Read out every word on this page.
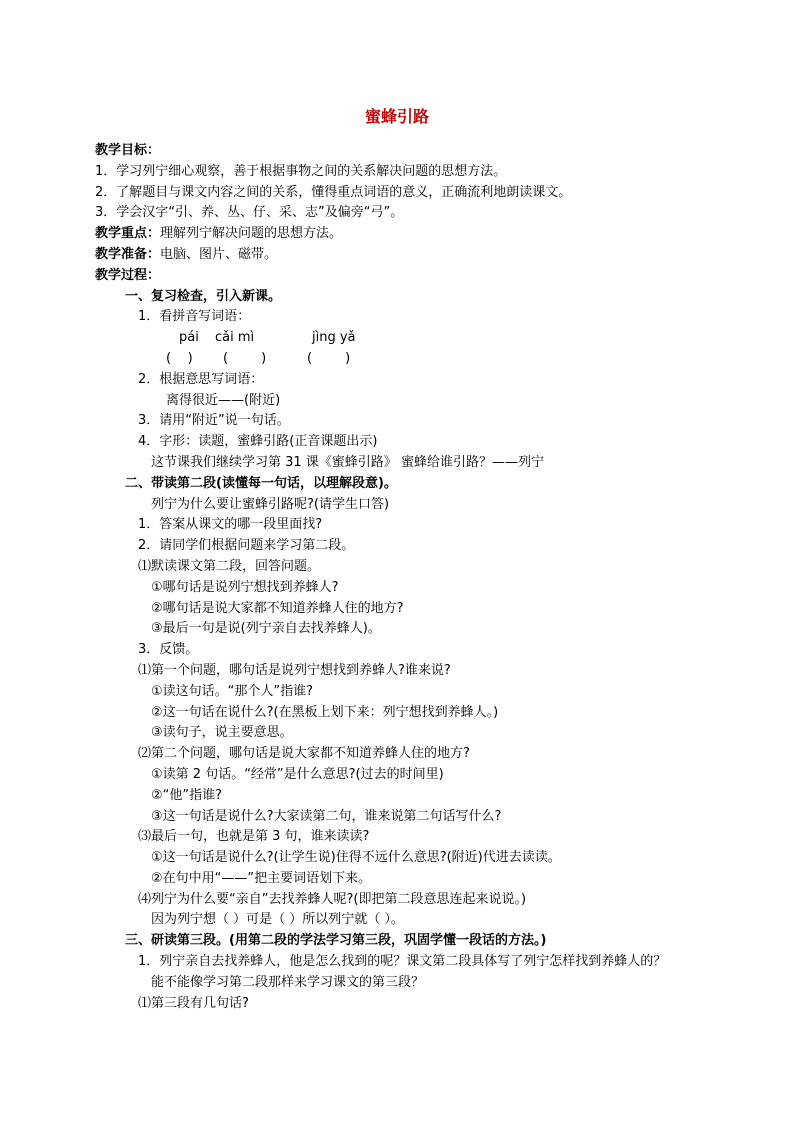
蜜蜂引路
教学目标：
1．学习列宁细心观察，善于根据事物之间的关系解决问题的思想方法。
2．了解题目与课文内容之间的关系，懂得重点词语的意义，正确流利地朗读课文。
3．学会汉字“引、养、丛、仔、采、志”及偏旁“弓”。
教学重点：理解列宁解决问题的思想方法。
教学准备：电脑、图片、磁带。
教学过程：
一、复习检查，引入新课。
1．看拼音写词语：
pái cǎi mì	jìng yǎ
(    ) (        )	(        )
2．根据意思写词语：
离得很近——(附近)
3．请用“附近”说一句话。
4．字形：读题，蜜蜂引路(正音课题出示)
这节课我们继续学习第 31 课《蜜蜂引路》 蜜蜂给谁引路？——列宁
二、带读第二段(读懂每一句话，以理解段意)。
列宁为什么要让蜜蜂引路呢?(请学生口答)
1．答案从课文的哪一段里面找?
2．请同学们根据问题来学习第二段。
⑴默读课文第二段，回答问题。
①哪句话是说列宁想找到养蜂人?
②哪句话是说大家都不知道养蜂人住的地方?
③最后一句是说(列宁亲自去找养蜂人)。
3．反馈。
⑴第一个问题，哪句话是说列宁想找到养蜂人?谁来说?
①读这句话。“那个人”指谁?
②这一句话在说什么?(在黑板上划下来：列宁想找到养蜂人。)
③读句子，说主要意思。
⑵第二个问题，哪句话是说大家都不知道养蜂人住的地方?
①读第 2 句话。“经常”是什么意思?(过去的时间里)
②“他”指谁?
③这一句话是说什么?大家读第二句，谁来说第二句话写什么?
⑶最后一句，也就是第 3 句，谁来读读?
①这一句话是说什么?(让学生说)住得不远什么意思?(附近)代进去读读。
②在句中用“——”把主要词语划下来。
⑷列宁为什么要“亲自”去找养蜂人呢?(即把第二段意思连起来说说。)
因为列宁想（ ）可是（ ）所以列宁就（ ）。
三、研读第三段。(用第二段的学法学习第三段，巩固学懂一段话的方法。)
1．列宁亲自去找养蜂人，他是怎么找到的呢？课文第二段具体写了列宁怎样找到养蜂人的？
能不能像学习第二段那样来学习课文的第三段？
⑴第三段有几句话?
